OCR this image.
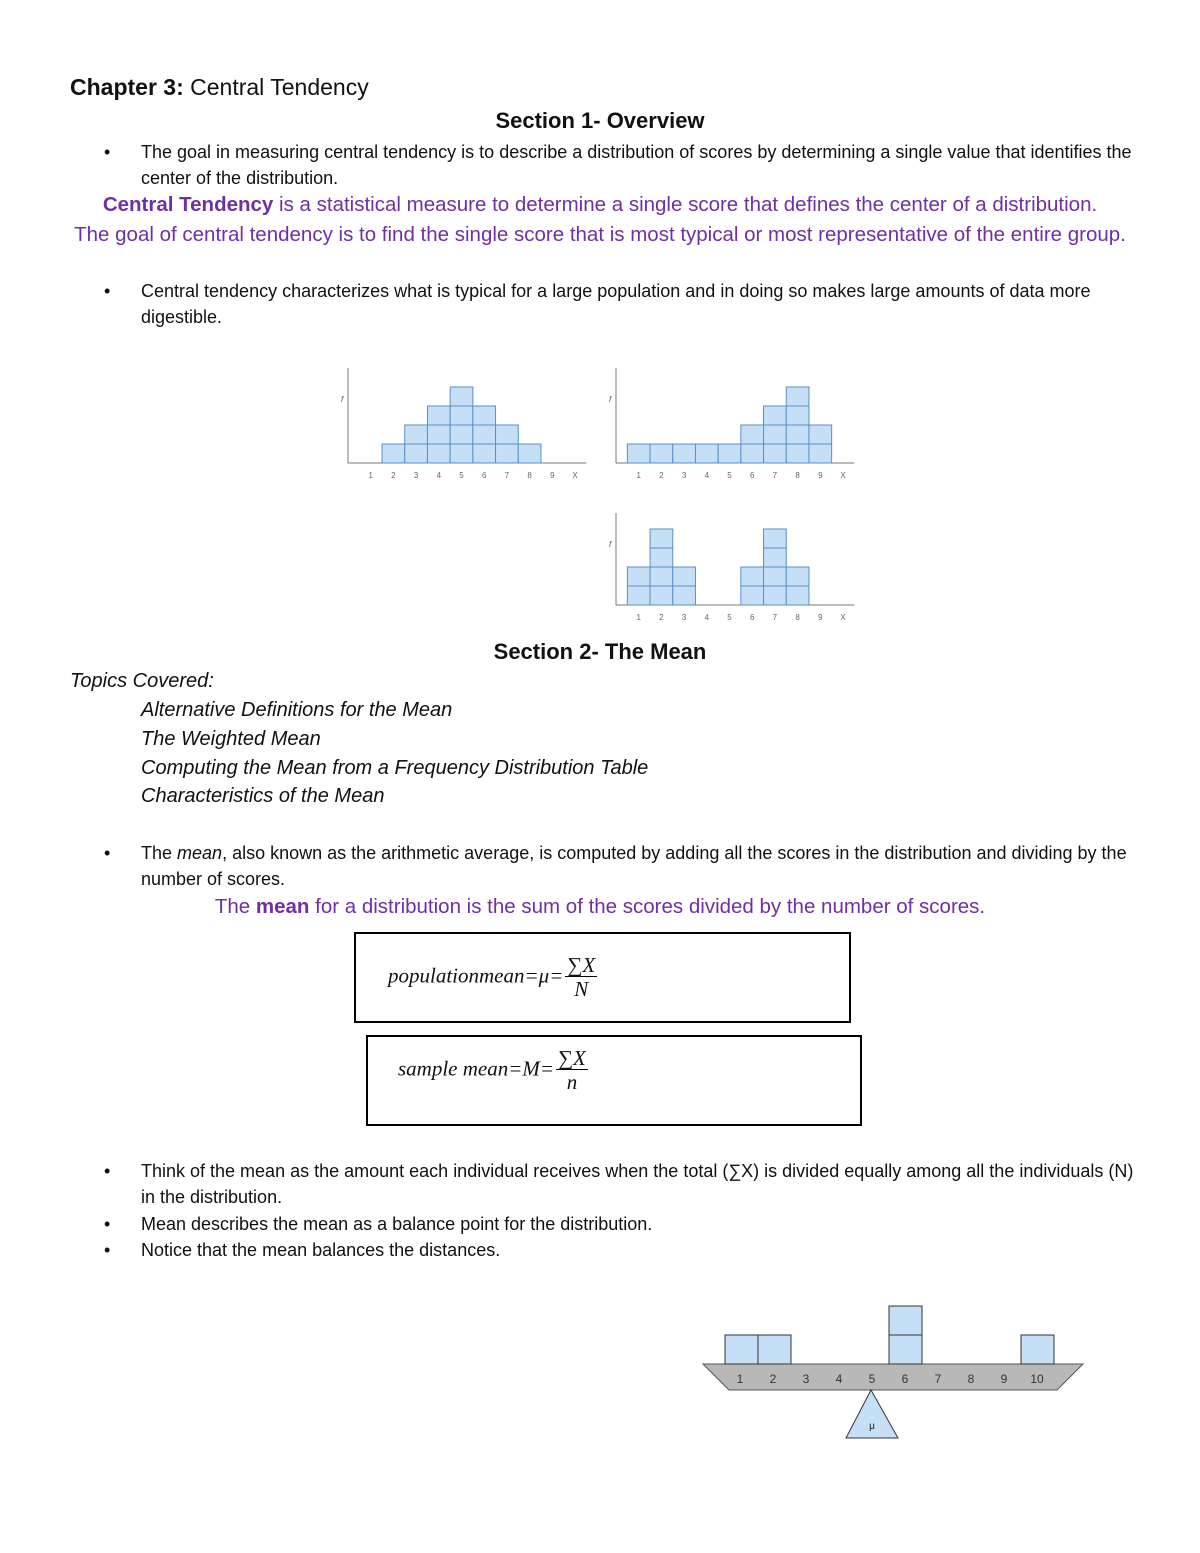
Chapter 3: Central Tendency
Section 1- Overview
•	The goal in measuring central tendency is to describe a distribution of scores by determining a single value that identifies the center of the distribution.
Central Tendency is a statistical measure to determine a single score that defines the center of a distribution.
The goal of central tendency is to find the single score that is most typical or most representative of the entire group.
•	Central tendency characterizes what is typical for a large population and in doing so makes large amounts of data more digestible.
f
1 2 3 4 5 6 7 8 9 X
f
1 2 3 4 5 6 7 8 9 X
f
1 2 3 4 5 6 7 8 9 X
Section 2- The Mean
Topics Covered:
Alternative Definitions for the Mean
The Weighted Mean
Computing the Mean from a Frequency Distribution Table
Characteristics of the Mean
•	The mean, also known as the arithmetic average, is computed by adding all the scores in the distribution and dividing by the number of scores.
The mean for a distribution is the sum of the scores divided by the number of scores.
populationmean=μ= $\frac{\sum X}{N}$
sample mean=M= $\frac{\sum X}{n}$
•	Think of the mean as the amount each individual receives when the total (∑X) is divided equally among all the individuals (N) in the distribution.
•	Mean describes the mean as a balance point for the distribution.
•	Notice that the mean balances the distances.
1 2 3 4 5 6 7 8 9 10
μ
